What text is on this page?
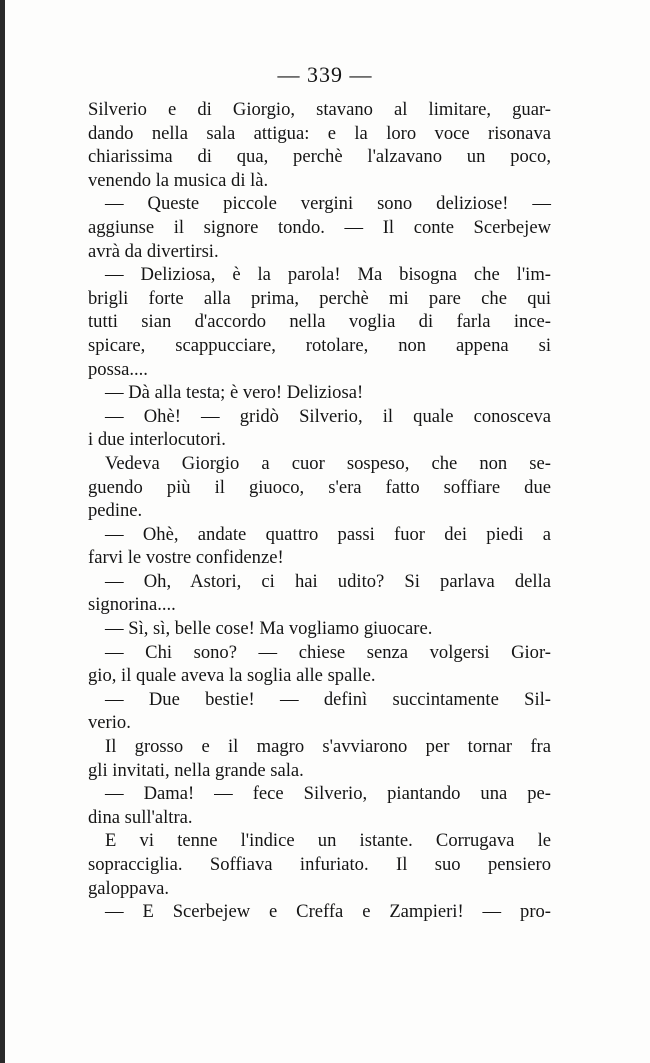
— 339 —
Silverio e di Giorgio, stavano al limitare, guar-
dando nella sala attigua: e la loro voce risonava
chiarissima di qua, perchè l'alzavano un poco,
venendo la musica di là.
— Queste piccole vergini sono deliziose! —
aggiunse il signore tondo. — Il conte Scerbejew
avrà da divertirsi.
— Deliziosa, è la parola! Ma bisogna che l'im-
brigli forte alla prima, perchè mi pare che qui
tutti sian d'accordo nella voglia di farla ince-
spicare, scappucciare, rotolare, non appena si
possa....
— Dà alla testa; è vero! Deliziosa!
— Ohè! — gridò Silverio, il quale conosceva
i due interlocutori.
Vedeva Giorgio a cuor sospeso, che non se-
guendo più il giuoco, s'era fatto soffiare due
pedine.
— Ohè, andate quattro passi fuor dei piedi a
farvi le vostre confidenze!
— Oh, Astori, ci hai udito? Si parlava della
signorina....
— Sì, sì, belle cose! Ma vogliamo giuocare.
— Chi sono? — chiese senza volgersi Gior-
gio, il quale aveva la soglia alle spalle.
— Due bestie! — definì succintamente Sil-
verio.
Il grosso e il magro s'avviarono per tornar fra
gli invitati, nella grande sala.
— Dama! — fece Silverio, piantando una pe-
dina sull'altra.
E vi tenne l'indice un istante. Corrugava le
sopracciglia. Soffiava infuriato. Il suo pensiero
galoppava.
— E Scerbejew e Creffa e Zampieri! — pro-
